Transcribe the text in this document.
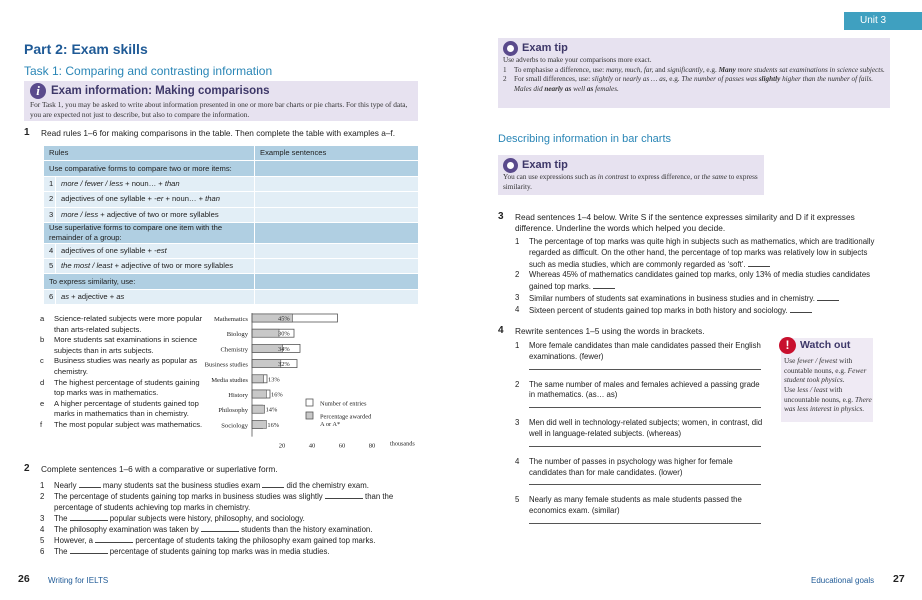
Part 2: Exam skills
Task 1: Comparing and contrasting information
i Exam information: Making comparisons
For Task 1, you may be asked to write about information presented in one or more bar charts or pie charts. For this type of data, you are expected not just to describe, but also to compare the information.
1 Read rules 1–6 for making comparisons in the table. Then complete the table with examples a–f.
Rules		Example sentences
Use comparative forms to compare two or more items:		
1	more / fewer / less + noun… + than	
2	adjectives of one syllable + -er + noun… + than	
3	more / less + adjective of two or more syllables	
Use superlative forms to compare one item with the remainder of a group:		
4	adjectives of one syllable + -est	
5	the most / least + adjective of two or more syllables	
To express similarity, use:		
6	as + adjective + as	
a Science-related subjects were more popular than arts-related subjects.
b More students sat examinations in science subjects than in arts subjects.
c Business studies was nearly as popular as chemistry.
d The highest percentage of students gaining top marks was in mathematics.
e A higher percentage of students gained top marks in mathematics than in chemistry.
f The most popular subject was mathematics.
Mathematics	45%
Biology	30%
Chemistry	34%
Business studies	32%
Media studies	13%
History	16%
Philosophy	14%
Sociology	16%
20	40	60	80 thousands
Number of entries
Percentage awarded
A or A*
2 Complete sentences 1–6 with a comparative or superlative form.
1 Nearly	many students sat the business studies exam	did the chemistry exam.
2 The percentage of students gaining top marks in business studies was slightly	than the percentage of students achieving top marks in chemistry.
3 The	popular subjects were history, philosophy, and sociology.
4 The philosophy examination was taken by	students than the history examination.
5 However, a	percentage of students taking the philosophy exam gained top marks.
6 The	percentage of students gaining top marks was in media studies.
26 Writing for IELTS
Unit 3
Exam tip
Use adverbs to make your comparisons more exact.
1 To emphasise a difference, use: many, much, far, and significantly, e.g. Many more students sat examinations in science subjects.
2 For small differences, use: slightly or nearly as … as, e.g. The number of passes was slightly higher than the number of fails. Males did nearly as well as females.
Describing information in bar charts
Exam tip
You can use expressions such as in contrast to express difference, or the same to express similarity.
3 Read sentences 1–4 below. Write S if the sentence expresses similarity and D if it expresses difference. Underline the words which helped you decide.
1 The percentage of top marks was quite high in subjects such as mathematics, which are traditionally regarded as difficult. On the other hand, the percentage of top marks was relatively low in subjects such as media studies, which are commonly regarded as ‘soft’.
2 Whereas 45% of mathematics candidates gained top marks, only 13% of media studies candidates gained top marks.
3 Similar numbers of students sat examinations in business studies and in chemistry.
4 Sixteen percent of students gained top marks in both history and sociology.
4 Rewrite sentences 1–5 using the words in brackets.
1 More female candidates than male candidates passed their English examinations. (fewer)
2 The same number of males and females achieved a passing grade in mathematics. (as… as)
3 Men did well in technology-related subjects; women, in contrast, did well in language-related subjects. (whereas)
4 The number of passes in psychology was higher for female candidates than for male candidates. (lower)
5 Nearly as many female students as male students passed the economics exam. (similar)
!	Watch out
Use fewer / fewest with countable nouns, e.g. Fewer student took physics.
Use less / least with uncountable nouns, e.g. There was less interest in physics.
Educational goals 27
